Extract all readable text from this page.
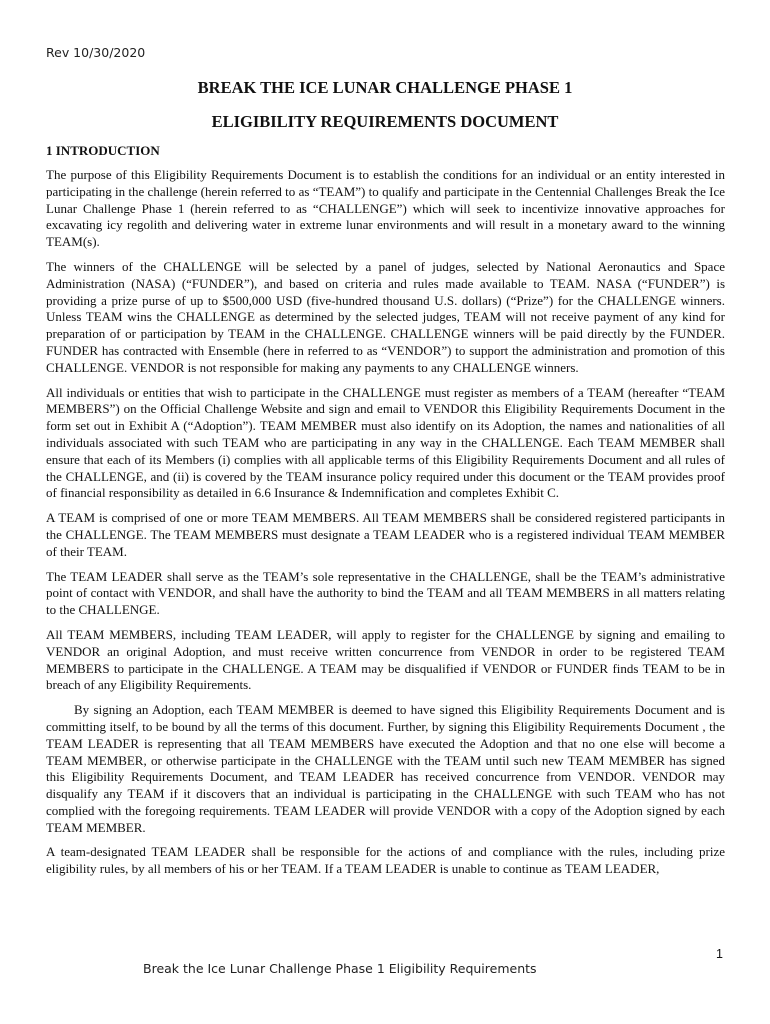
Rev 10/30/2020
BREAK THE ICE LUNAR CHALLENGE PHASE 1
ELIGIBILITY REQUIREMENTS DOCUMENT
1 INTRODUCTION

The purpose of this Eligibility Requirements Document is to establish the conditions for an individual or an entity interested in participating in the challenge (herein referred to as “TEAM”) to qualify and participate in the Centennial Challenges Break the Ice Lunar Challenge Phase 1 (herein referred to as “CHALLENGE”) which will seek to incentivize innovative approaches for excavating icy regolith and delivering water in extreme lunar environments and will result in a monetary award to the winning TEAM(s).

The winners of the CHALLENGE will be selected by a panel of judges, selected by National Aeronautics and Space Administration (NASA) (“FUNDER”), and based on criteria and rules made available to TEAM. NASA (“FUNDER”) is providing a prize purse of up to $500,000 USD (five-hundred thousand U.S. dollars) (“Prize”) for the CHALLENGE winners. Unless TEAM wins the CHALLENGE as determined by the selected judges, TEAM will not receive payment of any kind for preparation of or participation by TEAM in the CHALLENGE. CHALLENGE winners will be paid directly by the FUNDER. FUNDER has contracted with Ensemble (here in referred to as “VENDOR”) to support the administration and promotion of this CHALLENGE. VENDOR is not responsible for making any payments to any CHALLENGE winners.

All individuals or entities that wish to participate in the CHALLENGE must register as members of a TEAM (hereafter “TEAM MEMBERS”) on the Official Challenge Website and sign and email to VENDOR this Eligibility Requirements Document in the form set out in Exhibit A (“Adoption”). TEAM MEMBER must also identify on its Adoption, the names and nationalities of all individuals associated with such TEAM who are participating in any way in the CHALLENGE. Each TEAM MEMBER shall ensure that each of its Members (i) complies with all applicable terms of this Eligibility Requirements Document and all rules of the CHALLENGE, and (ii) is covered by the TEAM insurance policy required under this document or the TEAM provides proof of financial responsibility as detailed in 6.6 Insurance & Indemnification and completes Exhibit C.

A TEAM is comprised of one or more TEAM MEMBERS. All TEAM MEMBERS shall be considered registered participants in the CHALLENGE. The TEAM MEMBERS must designate a TEAM LEADER who is a registered individual TEAM MEMBER of their TEAM.

The TEAM LEADER shall serve as the TEAM’s sole representative in the CHALLENGE, shall be the TEAM’s administrative point of contact with VENDOR, and shall have the authority to bind the TEAM and all TEAM MEMBERS in all matters relating to the CHALLENGE.

All TEAM MEMBERS, including TEAM LEADER, will apply to register for the CHALLENGE by signing and emailing to VENDOR an original Adoption, and must receive written concurrence from VENDOR in order to be registered TEAM MEMBERS to participate in the CHALLENGE. A TEAM may be disqualified if VENDOR or FUNDER finds TEAM to be in breach of any Eligibility Requirements.

By signing an Adoption, each TEAM MEMBER is deemed to have signed this Eligibility Requirements Document and is committing itself, to be bound by all the terms of this document. Further, by signing this Eligibility Requirements Document , the TEAM LEADER is representing that all TEAM MEMBERS have executed the Adoption and that no one else will become a TEAM MEMBER, or otherwise participate in the CHALLENGE with the TEAM until such new TEAM MEMBER has signed this Eligibility Requirements Document, and TEAM LEADER has received concurrence from VENDOR. VENDOR may disqualify any TEAM if it discovers that an individual is participating in the CHALLENGE with such TEAM who has not complied with the foregoing requirements. TEAM LEADER will provide VENDOR with a copy of the Adoption signed by each TEAM MEMBER.

A team-designated TEAM LEADER shall be responsible for the actions of and compliance with the rules, including prize eligibility rules, by all members of his or her TEAM. If a TEAM LEADER is unable to continue as TEAM LEADER,

1
Break the Ice Lunar Challenge Phase 1 Eligibility Requirements
